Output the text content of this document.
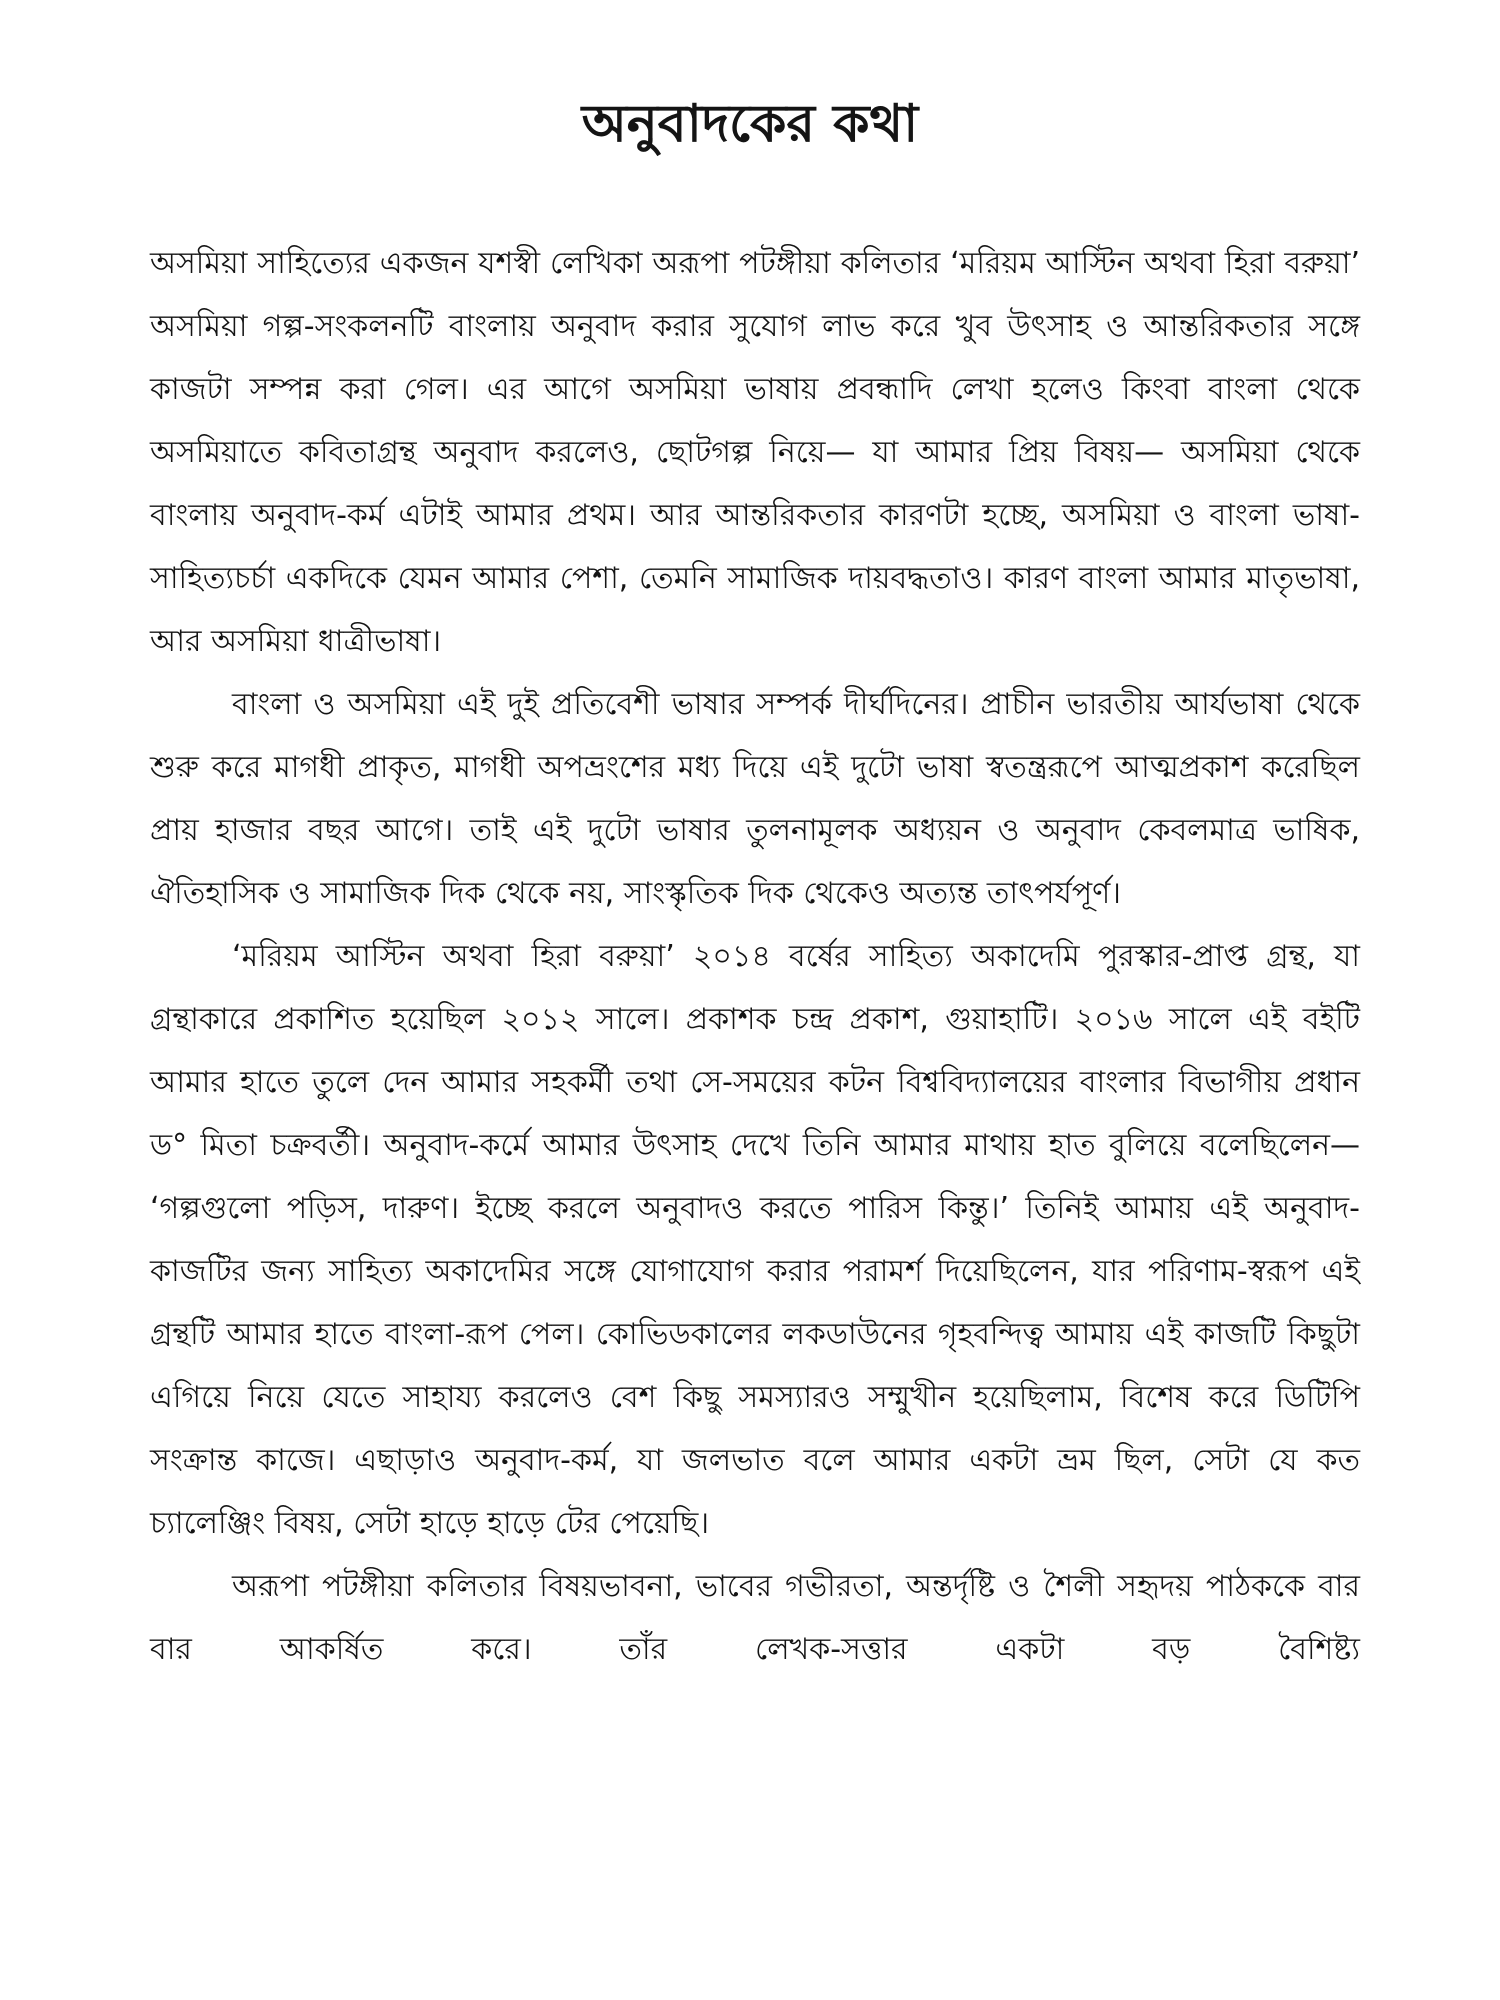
অনুবাদকের কথা

অসমিয়া সাহিত্যের একজন যশস্বী লেখিকা অরূপা পটঙ্গীয়া কলিতার ‘মরিয়ম আস্টিন অথবা হিরা বরুয়া’ অসমিয়া গল্প-সংকলনটি বাংলায় অনুবাদ করার সুযোগ লাভ করে খুব উৎসাহ ও আন্তরিকতার সঙ্গে কাজটা সম্পন্ন করা গেল। এর আগে অসমিয়া ভাষায় প্রবন্ধাদি লেখা হলেও কিংবা বাংলা থেকে অসমিয়াতে কবিতাগ্রন্থ অনুবাদ করলেও, ছোটগল্প নিয়ে— যা আমার প্রিয় বিষয়— অসমিয়া থেকে বাংলায় অনুবাদ-কর্ম এটাই আমার প্রথম। আর আন্তরিকতার কারণটা হচ্ছে, অসমিয়া ও বাংলা ভাষা-সাহিত্যচর্চা একদিকে যেমন আমার পেশা, তেমনি সামাজিক দায়বদ্ধতাও। কারণ বাংলা আমার মাতৃভাষা, আর অসমিয়া ধাত্রীভাষা।

বাংলা ও অসমিয়া এই দুই প্রতিবেশী ভাষার সম্পর্ক দীর্ঘদিনের। প্রাচীন ভারতীয় আর্যভাষা থেকে শুরু করে মাগধী প্রাকৃত, মাগধী অপভ্রংশের মধ্য দিয়ে এই দুটো ভাষা স্বতন্ত্ররূপে আত্মপ্রকাশ করেছিল প্রায় হাজার বছর আগে। তাই এই দুটো ভাষার তুলনামূলক অধ্যয়ন ও অনুবাদ কেবলমাত্র ভাষিক, ঐতিহাসিক ও সামাজিক দিক থেকে নয়, সাংস্কৃতিক দিক থেকেও অত্যন্ত তাৎপর্যপূর্ণ।

‘মরিয়ম আস্টিন অথবা হিরা বরুয়া’ ২০১৪ বর্ষের সাহিত্য অকাদেমি পুরস্কার-প্রাপ্ত গ্রন্থ, যা গ্রন্থাকারে প্রকাশিত হয়েছিল ২০১২ সালে। প্রকাশক চন্দ্র প্রকাশ, গুয়াহাটি। ২০১৬ সালে এই বইটি আমার হাতে তুলে দেন আমার সহকর্মী তথা সে-সময়ের কটন বিশ্ববিদ্যালয়ের বাংলার বিভাগীয় প্রধান ড° মিতা চক্রবর্তী। অনুবাদ-কর্মে আমার উৎসাহ দেখে তিনি আমার মাথায় হাত বুলিয়ে বলেছিলেন— ‘গল্পগুলো পড়িস, দারুণ। ইচ্ছে করলে অনুবাদও করতে পারিস কিন্তু।’ তিনিই আমায় এই অনুবাদ-কাজটির জন্য সাহিত্য অকাদেমির সঙ্গে যোগাযোগ করার পরামর্শ দিয়েছিলেন, যার পরিণাম-স্বরূপ এই গ্রন্থটি আমার হাতে বাংলা-রূপ পেল। কোভিডকালের লকডাউনের গৃহবন্দিত্ব আমায় এই কাজটি কিছুটা এগিয়ে নিয়ে যেতে সাহায্য করলেও বেশ কিছু সমস্যারও সম্মুখীন হয়েছিলাম, বিশেষ করে ডিটিপি সংক্রান্ত কাজে। এছাড়াও অনুবাদ-কর্ম, যা জলভাত বলে আমার একটা ভ্রম ছিল, সেটা যে কত চ্যালেঞ্জিং বিষয়, সেটা হাড়ে হাড়ে টের পেয়েছি।

অরূপা পটঙ্গীয়া কলিতার বিষয়ভাবনা, ভাবের গভীরতা, অন্তর্দৃষ্টি ও শৈলী সহৃদয় পাঠককে বার বার আকর্ষিত করে। তাঁর লেখক-সত্তার একটা বড় বৈশিষ্ট্য
